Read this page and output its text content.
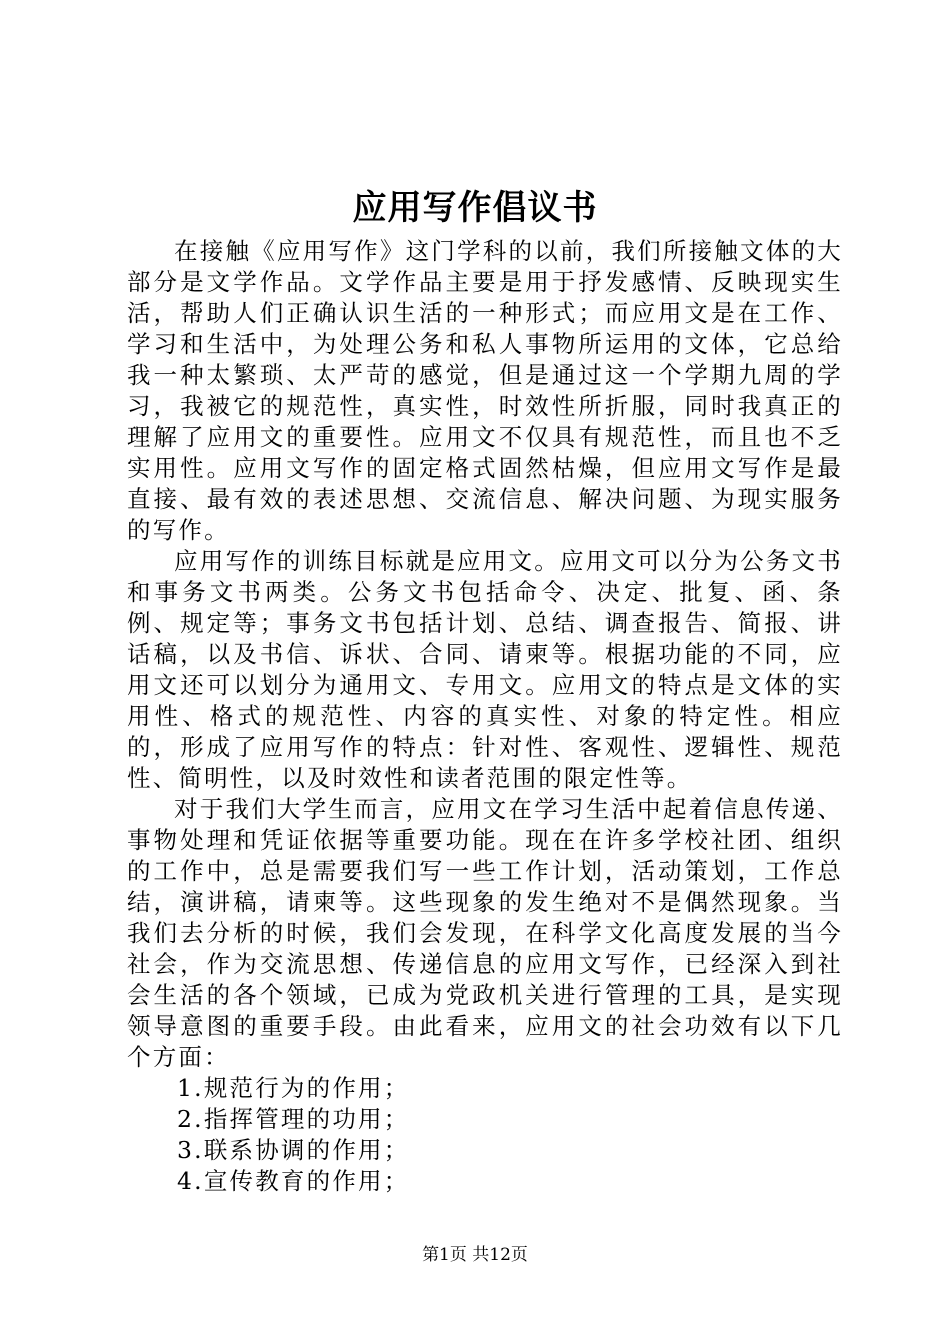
应用写作倡议书

在接触《应用写作》这门学科的以前，我们所接触文体的大部分是文学作品。文学作品主要是用于抒发感情、反映现实生活，帮助人们正确认识生活的一种形式；而应用文是在工作、学习和生活中，为处理公务和私人事物所运用的文体，它总给我一种太繁琐、太严苛的感觉，但是通过这一个学期九周的学习，我被它的规范性，真实性，时效性所折服，同时我真正的理解了应用文的重要性。应用文不仅具有规范性，而且也不乏实用性。应用文写作的固定格式固然枯燥，但应用文写作是最直接、最有效的表述思想、交流信息、解决问题、为现实服务的写作。

应用写作的训练目标就是应用文。应用文可以分为公务文书和事务文书两类。公务文书包括命令、决定、批复、函、条例、规定等；事务文书包括计划、总结、调查报告、简报、讲话稿，以及书信、诉状、合同、请柬等。根据功能的不同，应用文还可以划分为通用文、专用文。应用文的特点是文体的实用性、格式的规范性、内容的真实性、对象的特定性。相应的，形成了应用写作的特点：针对性、客观性、逻辑性、规范性、简明性，以及时效性和读者范围的限定性等。

对于我们大学生而言，应用文在学习生活中起着信息传递、事物处理和凭证依据等重要功能。现在在许多学校社团、组织的工作中，总是需要我们写一些工作计划，活动策划，工作总结，演讲稿，请柬等。这些现象的发生绝对不是偶然现象。当我们去分析的时候，我们会发现，在科学文化高度发展的当今社会，作为交流思想、传递信息的应用文写作，已经深入到社会生活的各个领域，已成为党政机关进行管理的工具，是实现领导意图的重要手段。由此看来，应用文的社会功效有以下几个方面：

1.规范行为的作用；

2.指挥管理的功用；

3.联系协调的作用；

4.宣传教育的作用；

第1页 共12页
